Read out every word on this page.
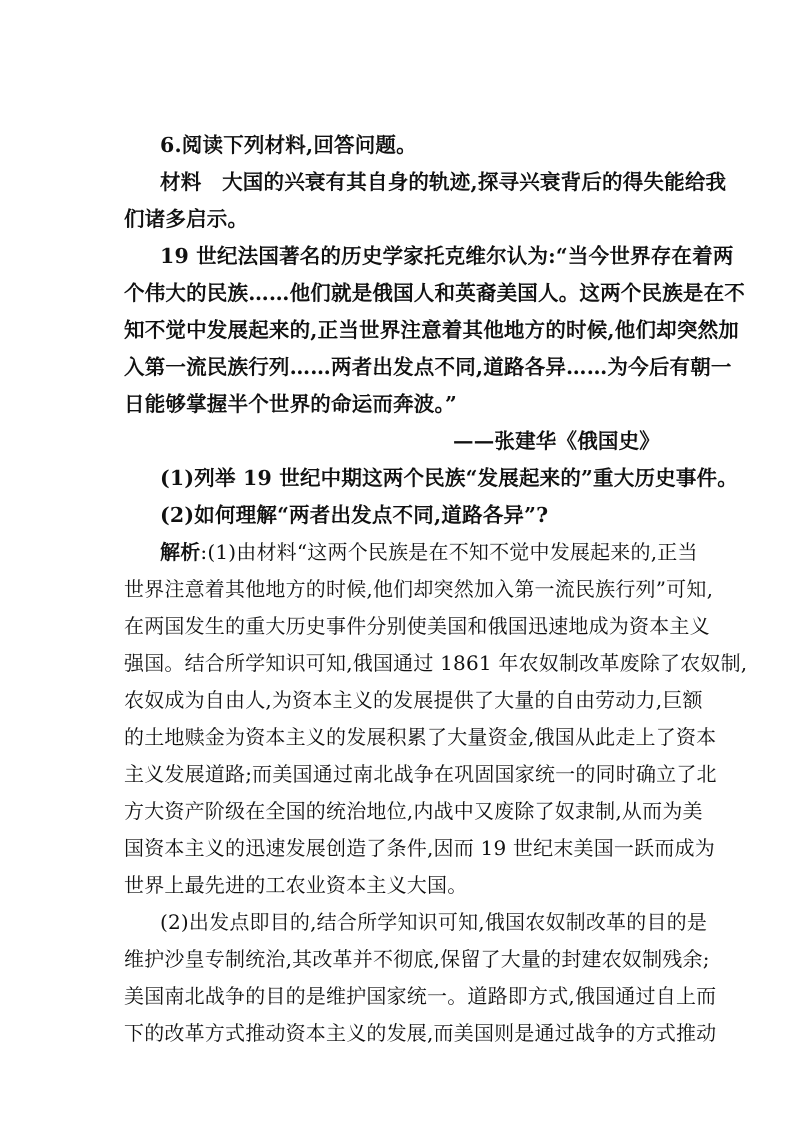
6.阅读下列材料,回答问题。
材料　大国的兴衰有其自身的轨迹,探寻兴衰背后的得失能给我
们诸多启示。
19 世纪法国著名的历史学家托克维尔认为:“当今世界存在着两
个伟大的民族……他们就是俄国人和英裔美国人。这两个民族是在不
知不觉中发展起来的,正当世界注意着其他地方的时候,他们却突然加
入第一流民族行列……两者出发点不同,道路各异……为今后有朝一
日能够掌握半个世界的命运而奔波。”
——张建华《俄国史》
(1)列举 19 世纪中期这两个民族“发展起来的”重大历史事件。
(2)如何理解“两者出发点不同,道路各异”?
解析:(1)由材料“这两个民族是在不知不觉中发展起来的,正当
世界注意着其他地方的时候,他们却突然加入第一流民族行列”可知,
在两国发生的重大历史事件分别使美国和俄国迅速地成为资本主义
强国。结合所学知识可知,俄国通过 1861 年农奴制改革废除了农奴制,
农奴成为自由人,为资本主义的发展提供了大量的自由劳动力,巨额
的土地赎金为资本主义的发展积累了大量资金,俄国从此走上了资本
主义发展道路;而美国通过南北战争在巩固国家统一的同时确立了北
方大资产阶级在全国的统治地位,内战中又废除了奴隶制,从而为美
国资本主义的迅速发展创造了条件,因而 19 世纪末美国一跃而成为
世界上最先进的工农业资本主义大国。
(2)出发点即目的,结合所学知识可知,俄国农奴制改革的目的是
维护沙皇专制统治,其改革并不彻底,保留了大量的封建农奴制残余;
美国南北战争的目的是维护国家统一。道路即方式,俄国通过自上而
下的改革方式推动资本主义的发展,而美国则是通过战争的方式推动
